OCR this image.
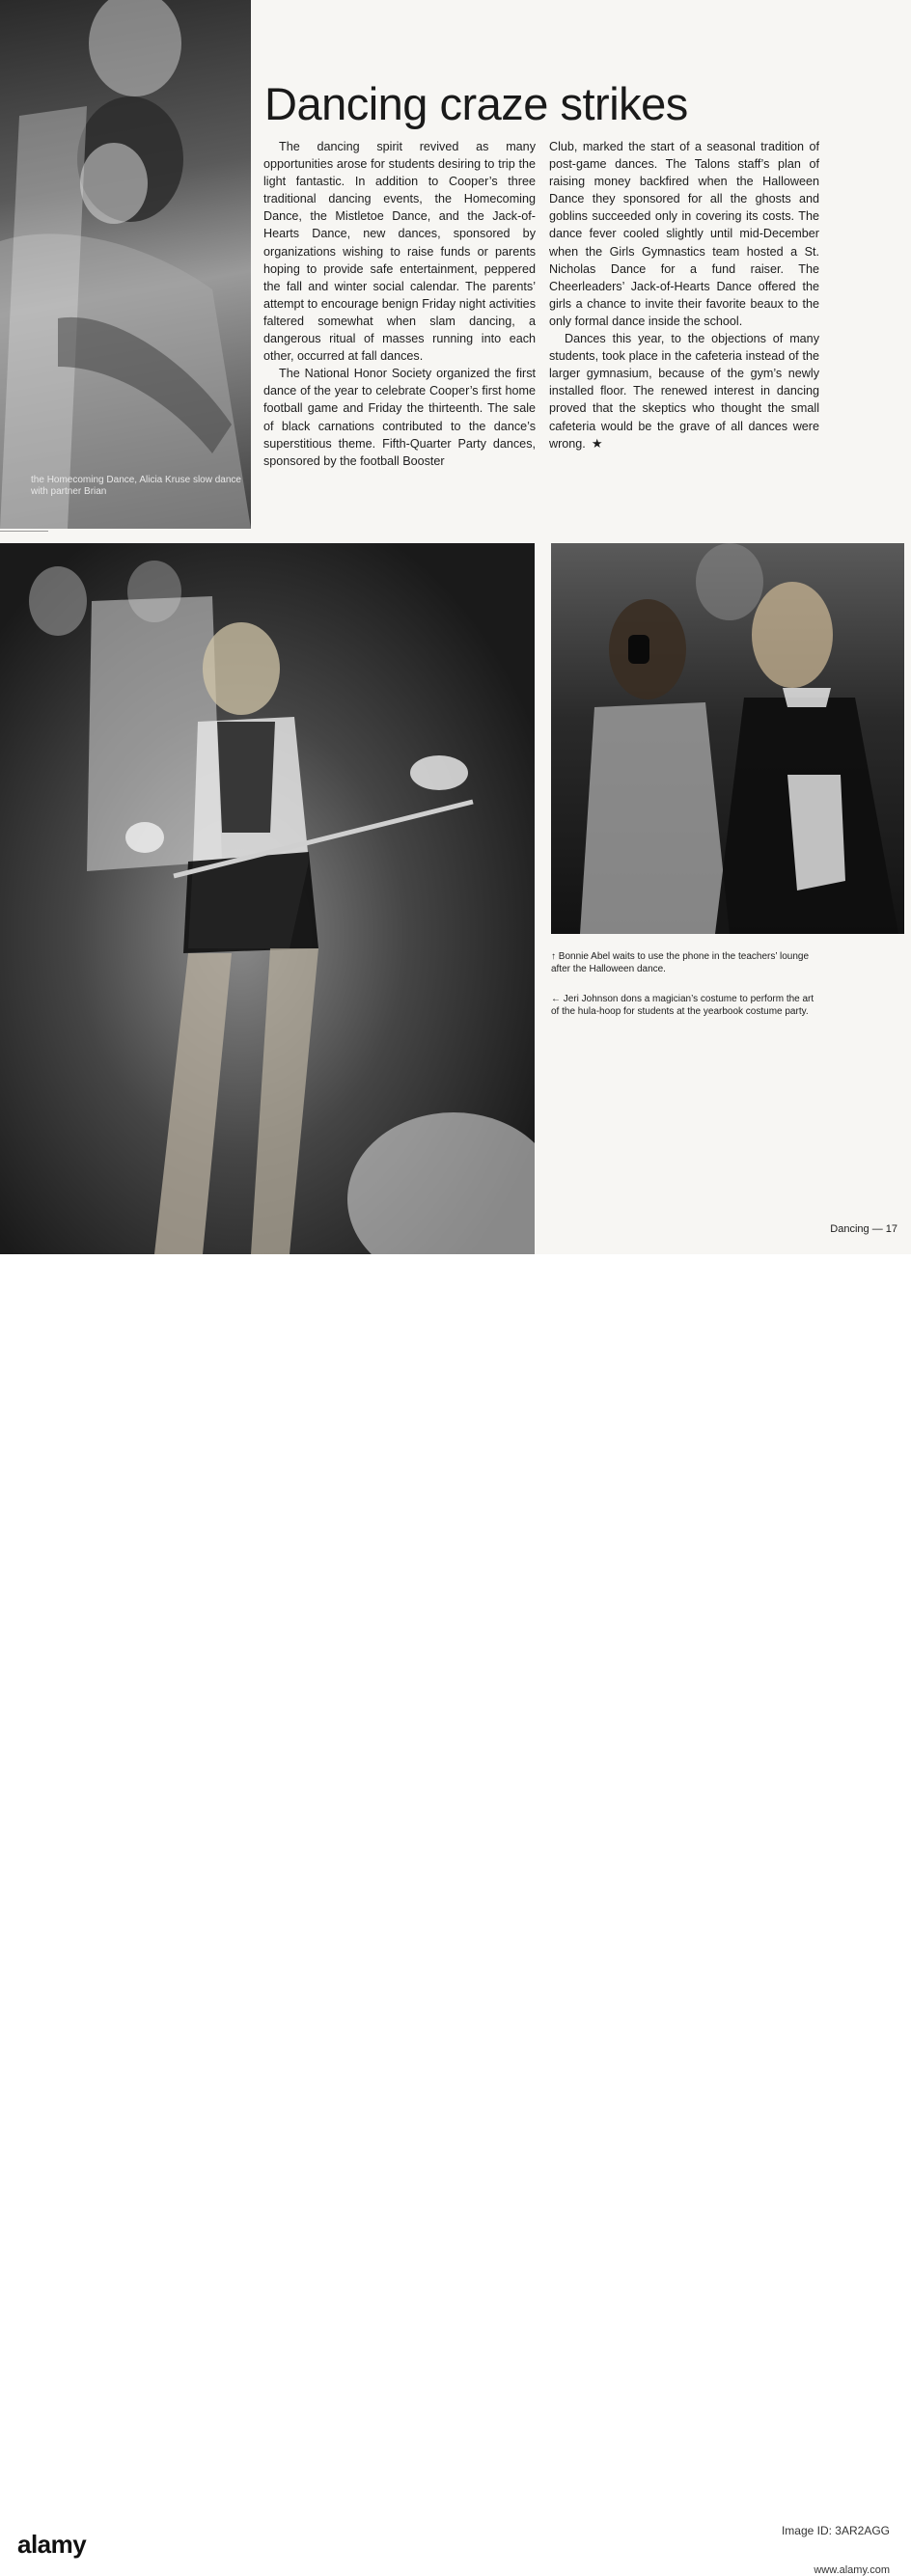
the Homecoming Dance, Alicia Kruse slow dance with partner Brian
Dancing craze strikes

The dancing spirit revived as many opportunities arose for students desiring to trip the light fantastic. In addition to Cooper’s three traditional dancing events, the Homecoming Dance, the Mistletoe Dance, and the Jack-of-Hearts Dance, new dances, sponsored by organizations wishing to raise funds or parents hoping to provide safe entertainment, peppered the fall and winter social calendar. The parents’ attempt to encourage benign Friday night activities faltered somewhat when slam dancing, a dangerous ritual of masses running into each other, occurred at fall dances.

The National Honor Society organized the first dance of the year to celebrate Cooper’s first home football game and Friday the thirteenth. The sale of black carnations contributed to the dance’s superstitious theme. Fifth-Quarter Party dances, sponsored by the football Booster

Club, marked the start of a seasonal tradition of post-game dances. The Talons staff’s plan of raising money backfired when the Halloween Dance they sponsored for all the ghosts and goblins succeeded only in covering its costs. The dance fever cooled slightly until mid-December when the Girls Gymnastics team hosted a St. Nicholas Dance for a fund raiser. The Cheerleaders’ Jack-of-Hearts Dance offered the girls a chance to invite their favorite beaux to the only formal dance inside the school.

Dances this year, to the objections of many students, took place in the cafeteria instead of the larger gymnasium, because of the gym’s newly installed floor. The renewed interest in dancing proved that the skeptics who thought the small cafeteria would be the grave of all dances were wrong. ★

↑ Bonnie Abel waits to use the phone in the teachers’ lounge after the Halloween dance.
← Jeri Johnson dons a magician’s costume to perform the art of the hula-hoop for students at the yearbook costume party.
Dancing — 17
alamy	Image ID: 3AR2AGG
www.alamy.com
